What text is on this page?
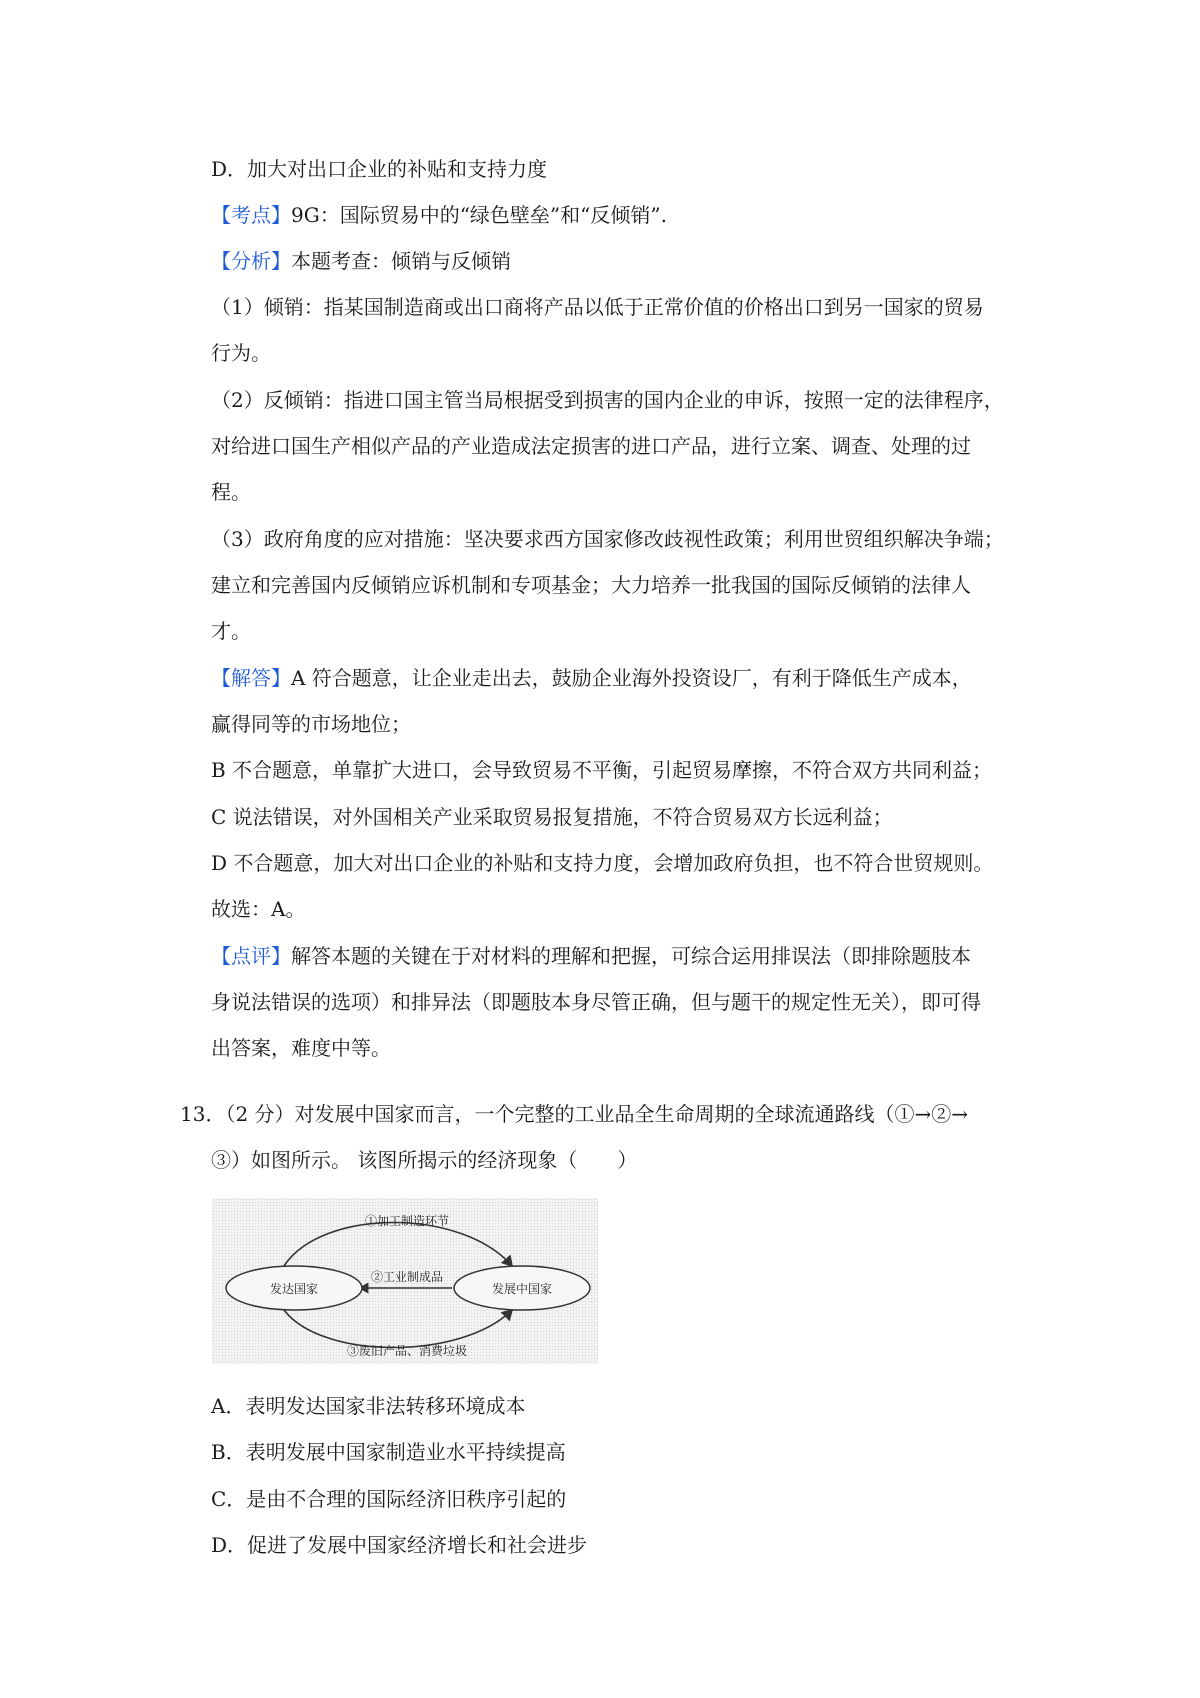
D．加大对出口企业的补贴和支持力度
【考点】9G：国际贸易中的“绿色壁垒”和“反倾销”.
【分析】本题考查：倾销与反倾销
（1）倾销：指某国制造商或出口商将产品以低于正常价值的价格出口到另一国家的贸易
行为。
（2）反倾销：指进口国主管当局根据受到损害的国内企业的申诉，按照一定的法律程序，
对给进口国生产相似产品的产业造成法定损害的进口产品，进行立案、调查、处理的过
程。
（3）政府角度的应对措施：坚决要求西方国家修改歧视性政策；利用世贸组织解决争端；
建立和完善国内反倾销应诉机制和专项基金；大力培养一批我国的国际反倾销的法律人
才。
【解答】A 符合题意，让企业走出去，鼓励企业海外投资设厂，有利于降低生产成本，
赢得同等的市场地位；
B 不合题意，单靠扩大进口，会导致贸易不平衡，引起贸易摩擦，不符合双方共同利益；
C 说法错误，对外国相关产业采取贸易报复措施，不符合贸易双方长远利益；
D 不合题意，加大对出口企业的补贴和支持力度，会增加政府负担，也不符合世贸规则。
故选：A。
【点评】解答本题的关键在于对材料的理解和把握，可综合运用排误法（即排除题肢本
身说法错误的选项）和排异法（即题肢本身尽管正确，但与题干的规定性无关），即可得
出答案，难度中等。
13．（2 分）对发展中国家而言，一个完整的工业品全生命周期的全球流通路线（①→②→
③）如图所示。 该图所揭示的经济现象（　　）
发达国家	发展中国家
①加工制造环节
②工业制成品
③废旧产品、消费垃圾
A．表明发达国家非法转移环境成本
B．表明发展中国家制造业水平持续提高
C．是由不合理的国际经济旧秩序引起的
D．促进了发展中国家经济增长和社会进步
